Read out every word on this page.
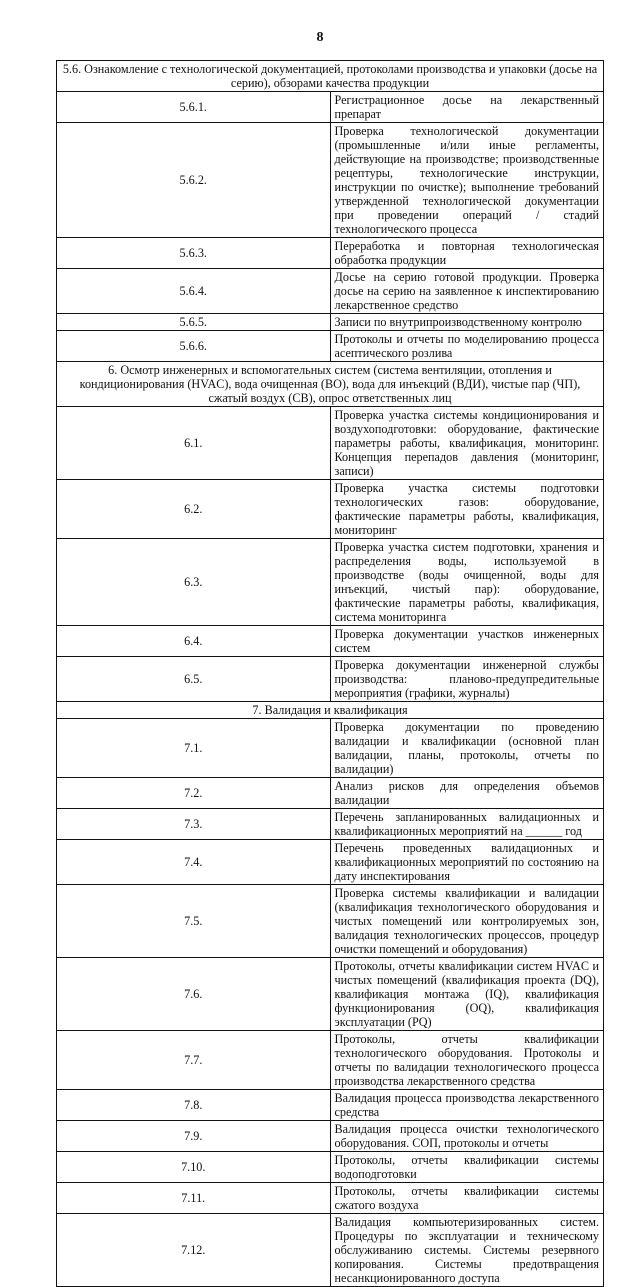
8
5.6. Ознакомление с технологической документацией, протоколами производства и упаковки (досье на серию), обзорами качества продукции	
5.6.1.	Регистрационное досье на лекарственный препарат
5.6.2.	Проверка технологической документации (промышленные и/или иные регламенты, действующие на производстве; производственные рецептуры, технологические инструкции, инструкции по очистке); выполнение требований утвержденной технологической документации при проведении операций / стадий технологического процесса
5.6.3.	Переработка и повторная технологическая обработка продукции
5.6.4.	Досье на серию готовой продукции. Проверка досье на серию на заявленное к инспектированию лекарственное средство
5.6.5.	Записи по внутрипроизводственному контролю
5.6.6.	Протоколы и отчеты по моделированию процесса асептического розлива
6. Осмотр инженерных и вспомогательных систем (система вентиляции, отопления и кондиционирования (HVAC), вода очищенная (ВО), вода для инъекций (ВДИ), чистые пар (ЧП), сжатый воздух (СВ), опрос ответственных лиц	
6.1.	Проверка участка системы кондиционирования и воздухоподготовки: оборудование, фактические параметры работы, квалификация, мониторинг. Концепция перепадов давления (мониторинг, записи)
6.2.	Проверка участка системы подготовки технологических газов: оборудование, фактические параметры работы, квалификация, мониторинг
6.3.	Проверка участка систем подготовки, хранения и распределения воды, используемой в производстве (воды очищенной, воды для инъекций, чистый пар): оборудование, фактические параметры работы, квалификация, система мониторинга
6.4.	Проверка документации участков инженерных систем
6.5.	Проверка документации инженерной службы производства: планово-предупредительные мероприятия (графики, журналы)
7. Валидация и квалификация	
7.1.	Проверка документации по проведению валидации и квалификации (основной план валидации, планы, протоколы, отчеты по валидации)
7.2.	Анализ рисков для определения объемов валидации
7.3.	Перечень запланированных валидационных и квалификационных мероприятий на ______ год
7.4.	Перечень проведенных валидационных и квалификационных мероприятий по состоянию на дату инспектирования
7.5.	Проверка системы квалификации и валидации (квалификация технологического оборудования и чистых помещений или контролируемых зон, валидация технологических процессов, процедур очистки помещений и оборудования)
7.6.	Протоколы, отчеты квалификации систем HVAC и чистых помещений (квалификация проекта (DQ), квалификация монтажа (IQ), квалификация функционирования (OQ), квалификация эксплуатации (PQ)
7.7.	Протоколы, отчеты квалификации технологического оборудования. Протоколы и отчеты по валидации технологического процесса производства лекарственного средства
7.8.	Валидация процесса производства лекарственного средства
7.9.	Валидация процесса очистки технологического оборудования. СОП, протоколы и отчеты
7.10.	Протоколы, отчеты квалификации системы водоподготовки
7.11.	Протоколы, отчеты квалификации системы сжатого воздуха
7.12.	Валидация компьютеризированных систем. Процедуры по эксплуатации и техническому обслуживанию системы. Системы резервного копирования. Системы предотвращения несанкционированного доступа
